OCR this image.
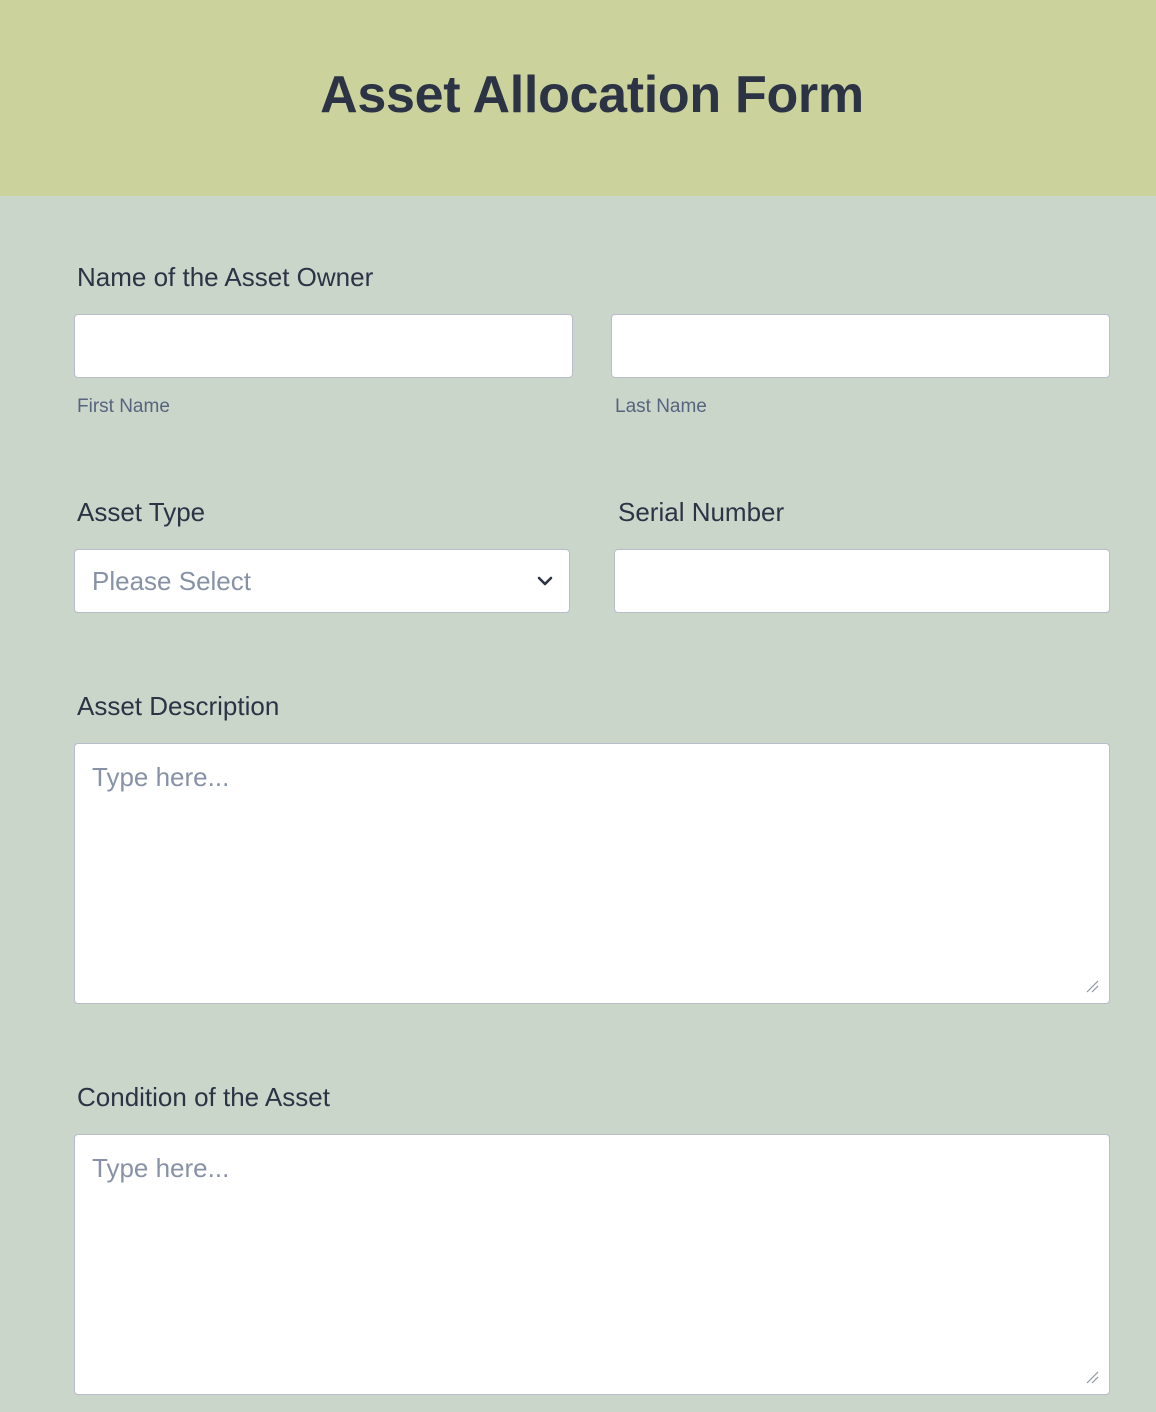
Asset Allocation Form
Name of the Asset Owner
First Name	Last Name
Asset Type
Please Select
Serial Number
Asset Description
Type here...
Condition of the Asset
Type here...
